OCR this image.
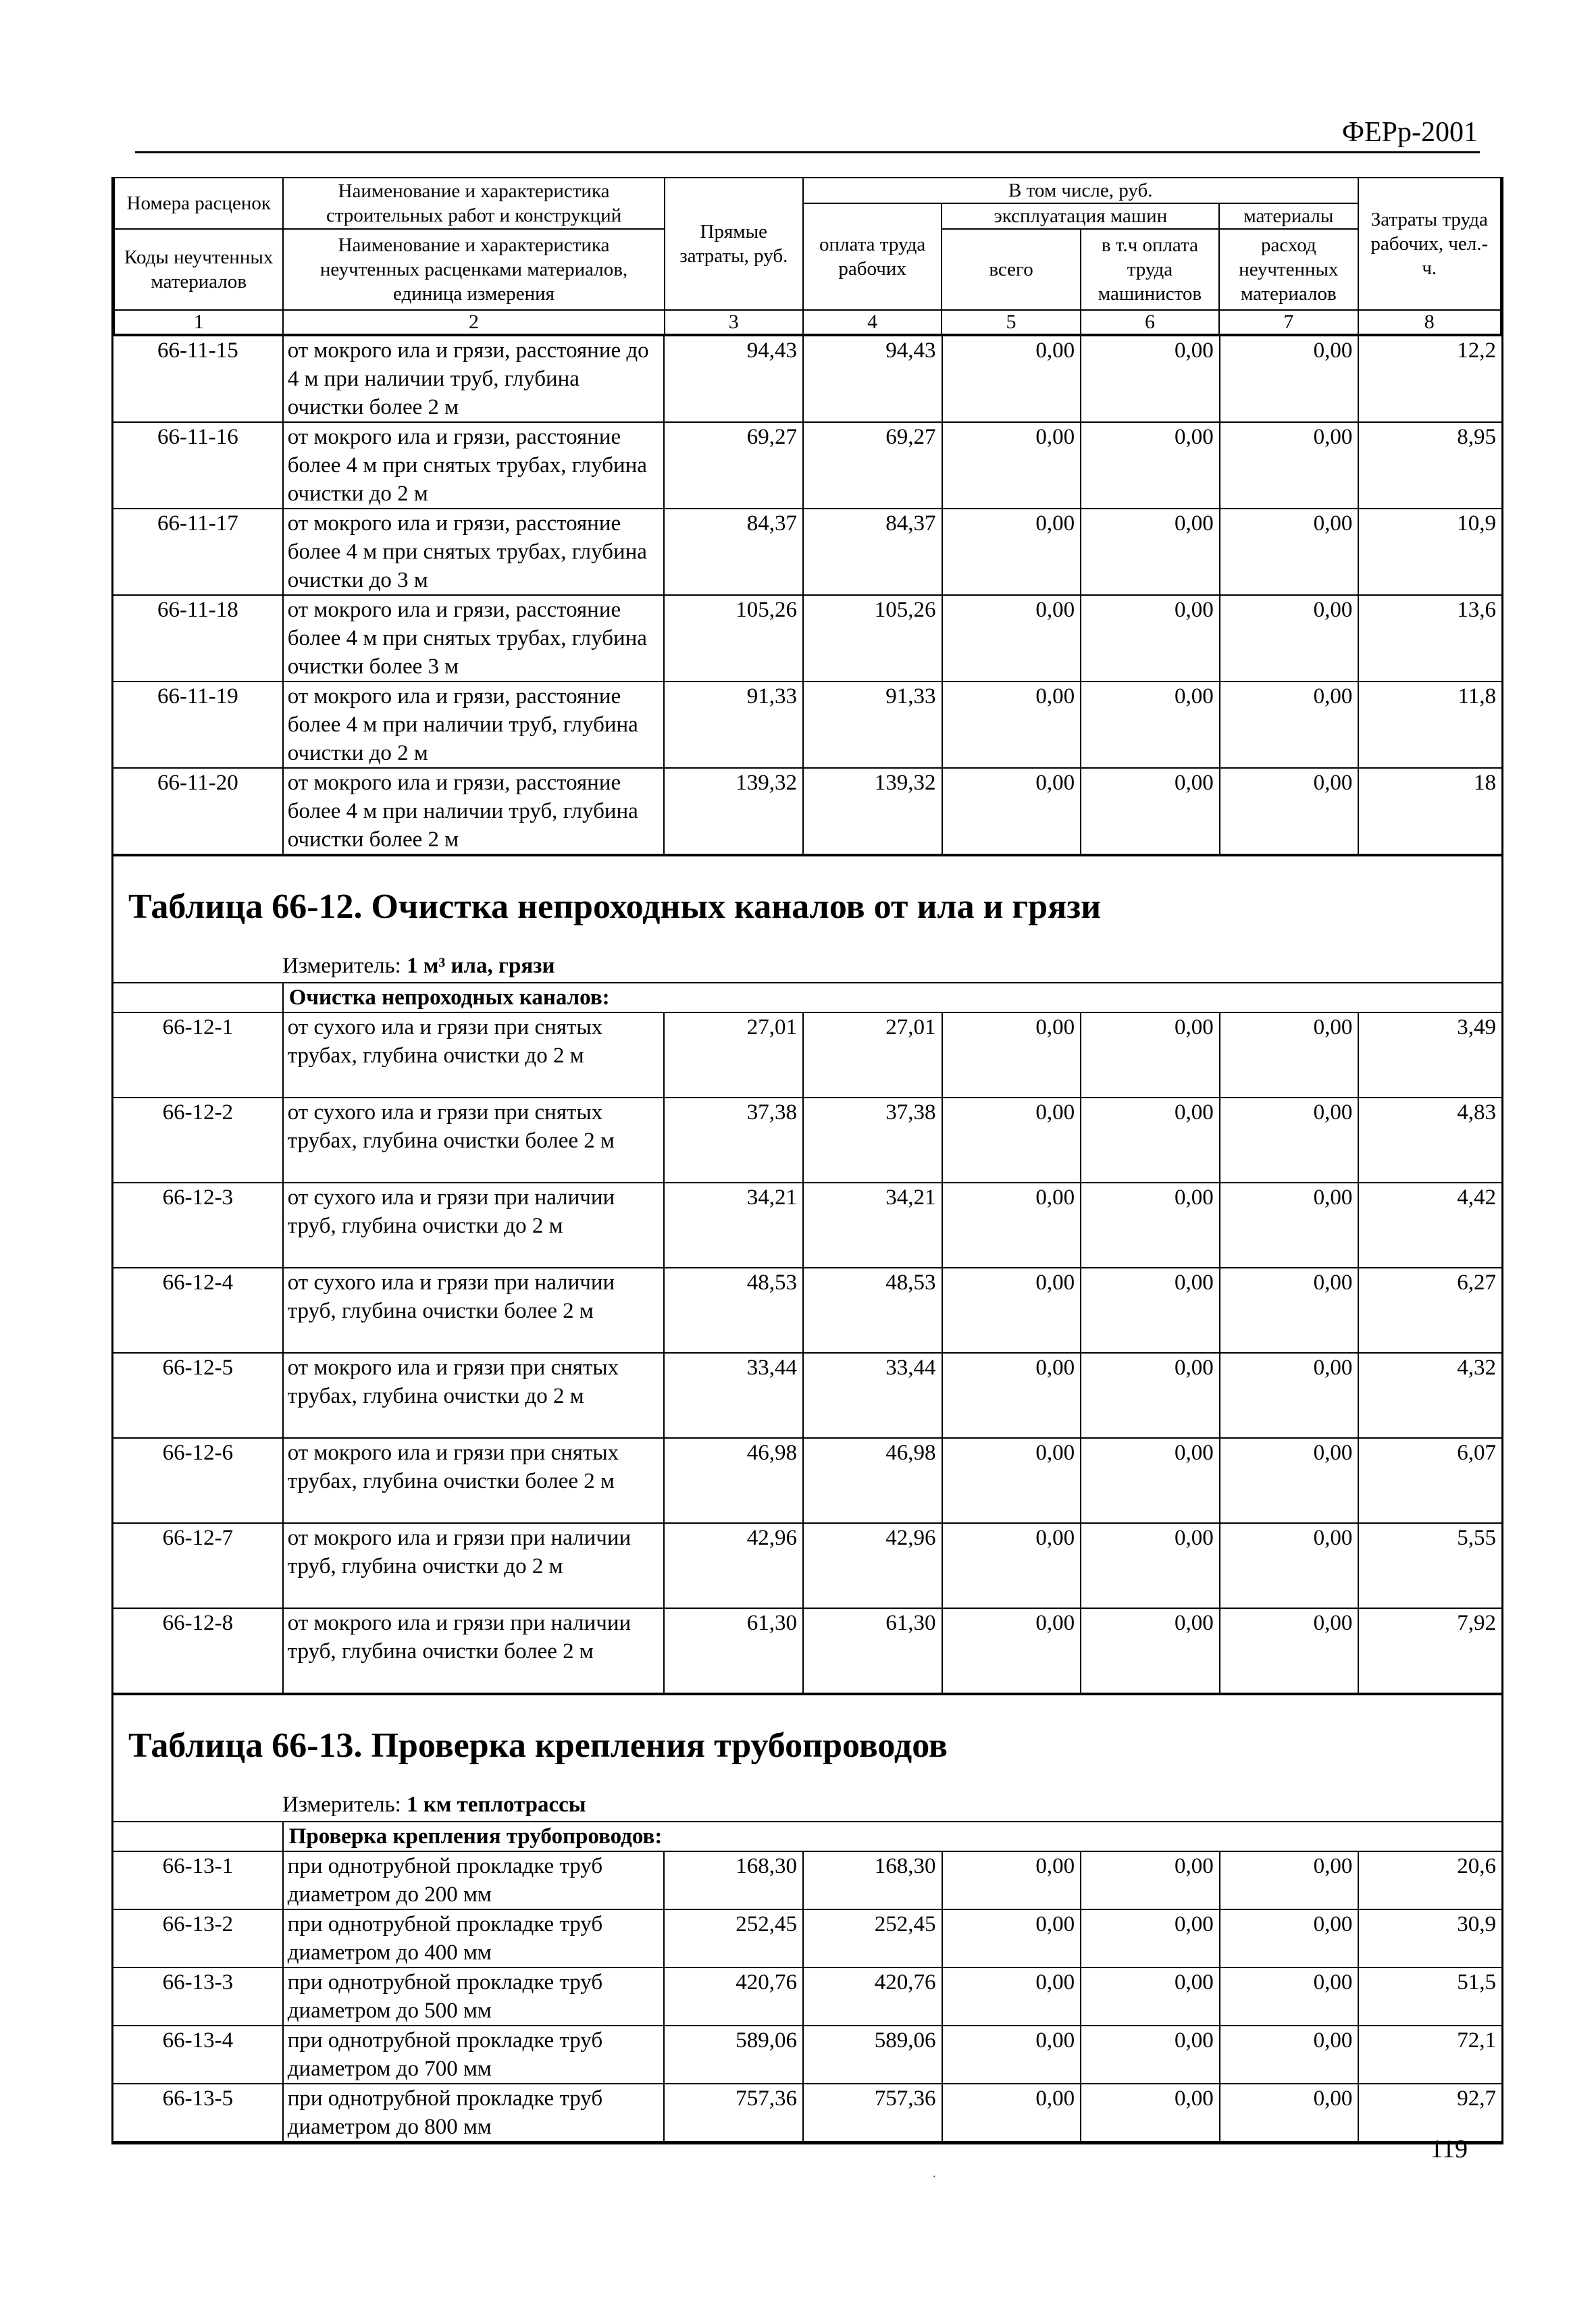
ФЕРр-2001
Номера расценок	Наименование и характеристика строительных работ и конструкций	Прямые затраты, руб.	В том числе, руб.				Затраты труда рабочих, чел.-ч.
			оплата труда рабочих	эксплуатация машин		материалы	
Коды неучтенных материалов	Наименование и характеристика неучтенных расценками материалов, единица измерения			всего	в т.ч оплата труда машинистов	расход неучтенных материалов	

1	2	3	4	5	6	7	8
66-11-15	от мокрого ила и грязи, расстояние до 4 м при наличии труб, глубина очистки более 2 м	94,43	94,43	0,00	0,00	0,00	12,2
66-11-16	от мокрого ила и грязи, расстояние более 4 м при снятых трубах, глубина очистки до 2 м	69,27	69,27	0,00	0,00	0,00	8,95
66-11-17	от мокрого ила и грязи, расстояние более 4 м при снятых трубах, глубина очистки до 3 м	84,37	84,37	0,00	0,00	0,00	10,9
66-11-18	от мокрого ила и грязи, расстояние более 4 м при снятых трубах, глубина очистки более 3 м	105,26	105,26	0,00	0,00	0,00	13,6
66-11-19	от мокрого ила и грязи, расстояние более 4 м при наличии труб, глубина очистки до 2 м	91,33	91,33	0,00	0,00	0,00	11,8
66-11-20	от мокрого ила и грязи, расстояние более 4 м при наличии труб, глубина очистки более 2 м	139,32	139,32	0,00	0,00	0,00	18
Таблица 66-12. Очистка непроходных каналов от ила и грязи
Измеритель: 1 м³ ила, грязи
	Очистка непроходных каналов:						
66-12-1	от сухого ила и грязи при снятых трубах, глубина очистки до 2 м	27,01	27,01	0,00	0,00	0,00	3,49
66-12-2	от сухого ила и грязи при снятых трубах, глубина очистки более 2 м	37,38	37,38	0,00	0,00	0,00	4,83
66-12-3	от сухого ила и грязи при наличии труб, глубина очистки до 2 м	34,21	34,21	0,00	0,00	0,00	4,42
66-12-4	от сухого ила и грязи при наличии труб, глубина очистки более 2 м	48,53	48,53	0,00	0,00	0,00	6,27
66-12-5	от мокрого ила и грязи при снятых трубах, глубина очистки до 2 м	33,44	33,44	0,00	0,00	0,00	4,32
66-12-6	от мокрого ила и грязи при снятых трубах, глубина очистки более 2 м	46,98	46,98	0,00	0,00	0,00	6,07
66-12-7	от мокрого ила и грязи при наличии труб, глубина очистки до 2 м	42,96	42,96	0,00	0,00	0,00	5,55
66-12-8	от мокрого ила и грязи при наличии труб, глубина очистки более 2 м	61,30	61,30	0,00	0,00	0,00	7,92
Таблица 66-13. Проверка крепления трубопроводов
Измеритель: 1 км теплотрассы
	Проверка крепления трубопроводов:						
66-13-1	при однотрубной прокладке труб диаметром до 200 мм	168,30	168,30	0,00	0,00	0,00	20,6
66-13-2	при однотрубной прокладке труб диаметром до 400 мм	252,45	252,45	0,00	0,00	0,00	30,9
66-13-3	при однотрубной прокладке труб диаметром до 500 мм	420,76	420,76	0,00	0,00	0,00	51,5
66-13-4	при однотрубной прокладке труб диаметром до 700 мм	589,06	589,06	0,00	0,00	0,00	72,1
66-13-5	при однотрубной прокладке труб диаметром до 800 мм	757,36	757,36	0,00	0,00	0,00	92,7
·
119
